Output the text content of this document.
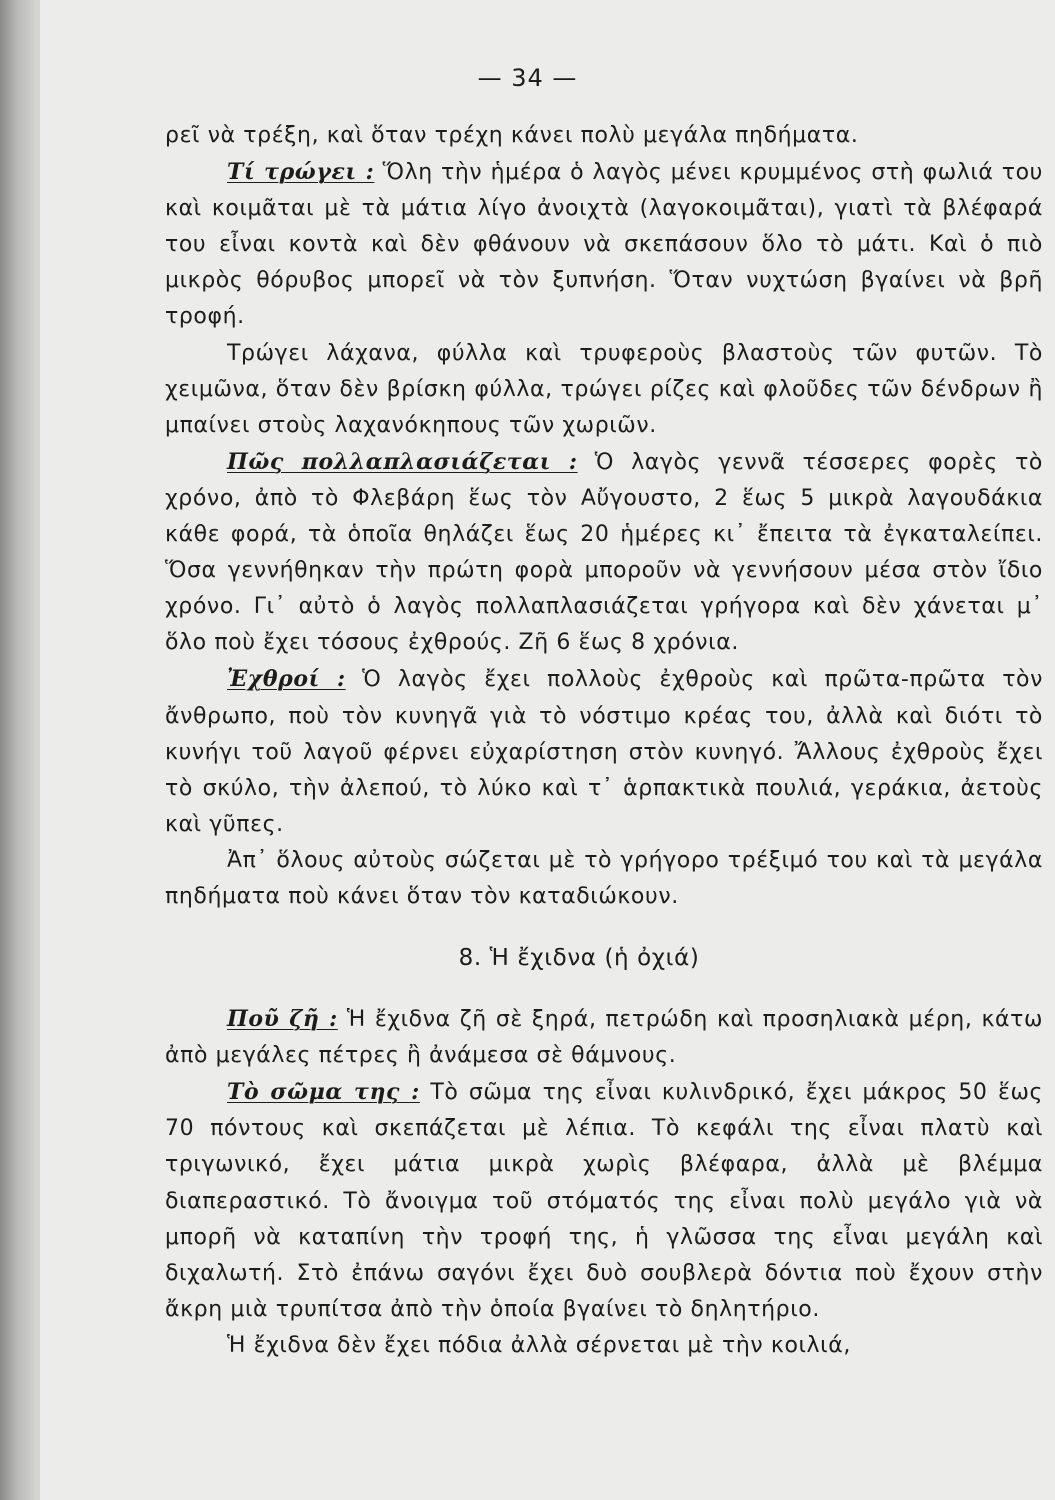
— 34 —

ρεῖ νὰ τρέξη, καὶ ὅταν τρέχη κάνει πολὺ μεγάλα πηδήματα.

Τί τρώγει : Ὅλη τὴν ἡμέρα ὁ λαγὸς μένει κρυμμένος στὴ φωλιά του καὶ κοιμᾶται μὲ τὰ μάτια λίγο ἀνοιχτὰ (λαγοκοιμᾶται), γιατὶ τὰ βλέφαρά του εἶναι κοντὰ καὶ δὲν φθάνουν νὰ σκεπάσουν ὅλο τὸ μάτι. Καὶ ὁ πιὸ μικρὸς θόρυβος μπορεῖ νὰ τὸν ξυπνήση. Ὅταν νυχτώση βγαίνει νὰ βρῆ τροφή.

Τρώγει λάχανα, φύλλα καὶ τρυφεροὺς βλαστοὺς τῶν φυτῶν. Τὸ χειμῶνα, ὅταν δὲν βρίσκη φύλλα, τρώγει ρίζες καὶ φλοῦδες τῶν δένδρων ἢ μπαίνει στοὺς λαχανόκηπους τῶν χωριῶν.

Πῶς πολλαπλασιάζεται : Ὁ λαγὸς γεννᾶ τέσσερες φορὲς τὸ χρόνο, ἀπὸ τὸ Φλεβάρη ἕως τὸν Αὔγουστο, 2 ἕως 5 μικρὰ λαγουδάκια κάθε φορά, τὰ ὁποῖα θηλάζει ἕως 20 ἡμέρες κι᾿ ἔπειτα τὰ ἐγκαταλείπει. Ὅσα γεννήθηκαν τὴν πρώτη φορὰ μποροῦν νὰ γεννήσουν μέσα στὸν ἴδιο χρόνο. Γι᾿ αὐτὸ ὁ λαγὸς πολλαπλασιάζεται γρήγορα καὶ δὲν χάνεται μ᾿ ὅλο ποὺ ἔχει τόσους ἐχθρούς. Ζῆ 6 ἕως 8 χρόνια.

Ἐχθροί : Ὁ λαγὸς ἔχει πολλοὺς ἐχθροὺς καὶ πρῶτα-πρῶτα τὸν ἄνθρωπο, ποὺ τὸν κυνηγᾶ γιὰ τὸ νόστιμο κρέας του, ἀλλὰ καὶ διότι τὸ κυνήγι τοῦ λαγοῦ φέρνει εὐχαρίστηση στὸν κυνηγό. Ἄλλους ἐχθροὺς ἔχει τὸ σκύλο, τὴν ἀλεπού, τὸ λύκο καὶ τ᾿ ἁρπακτικὰ πουλιά, γεράκια, ἀετοὺς καὶ γῦπες.

Ἀπ᾿ ὅλους αὐτοὺς σώζεται μὲ τὸ γρήγορο τρέξιμό του καὶ τὰ μεγάλα πηδήματα ποὺ κάνει ὅταν τὸν καταδιώκουν.

8. Ἡ ἔχιδνα (ἡ ὀχιά)

Ποῦ ζῆ : Ἡ ἔχιδνα ζῆ σὲ ξηρά, πετρώδη καὶ προσηλιακὰ μέρη, κάτω ἀπὸ μεγάλες πέτρες ἢ ἀνάμεσα σὲ θάμνους.

Τὸ σῶμα της : Τὸ σῶμα της εἶναι κυλινδρικό, ἔχει μάκρος 50 ἕως 70 πόντους καὶ σκεπάζεται μὲ λέπια. Τὸ κεφάλι της εἶναι πλατὺ καὶ τριγωνικό, ἔχει μάτια μικρὰ χωρὶς βλέφαρα, ἀλλὰ μὲ βλέμμα διαπεραστικό. Τὸ ἄνοιγμα τοῦ στόματός της εἶναι πολὺ μεγάλο γιὰ νὰ μπορῆ νὰ καταπίνη τὴν τροφή της, ἡ γλῶσσα της εἶναι μεγάλη καὶ διχαλωτή. Στὸ ἐπάνω σαγόνι ἔχει δυὸ σουβλερὰ δόντια ποὺ ἔχουν στὴν ἄκρη μιὰ τρυπίτσα ἀπὸ τὴν ὁποία βγαίνει τὸ δηλητήριο.

Ἡ ἔχιδνα δὲν ἔχει πόδια ἀλλὰ σέρνεται μὲ τὴν κοιλιά,
